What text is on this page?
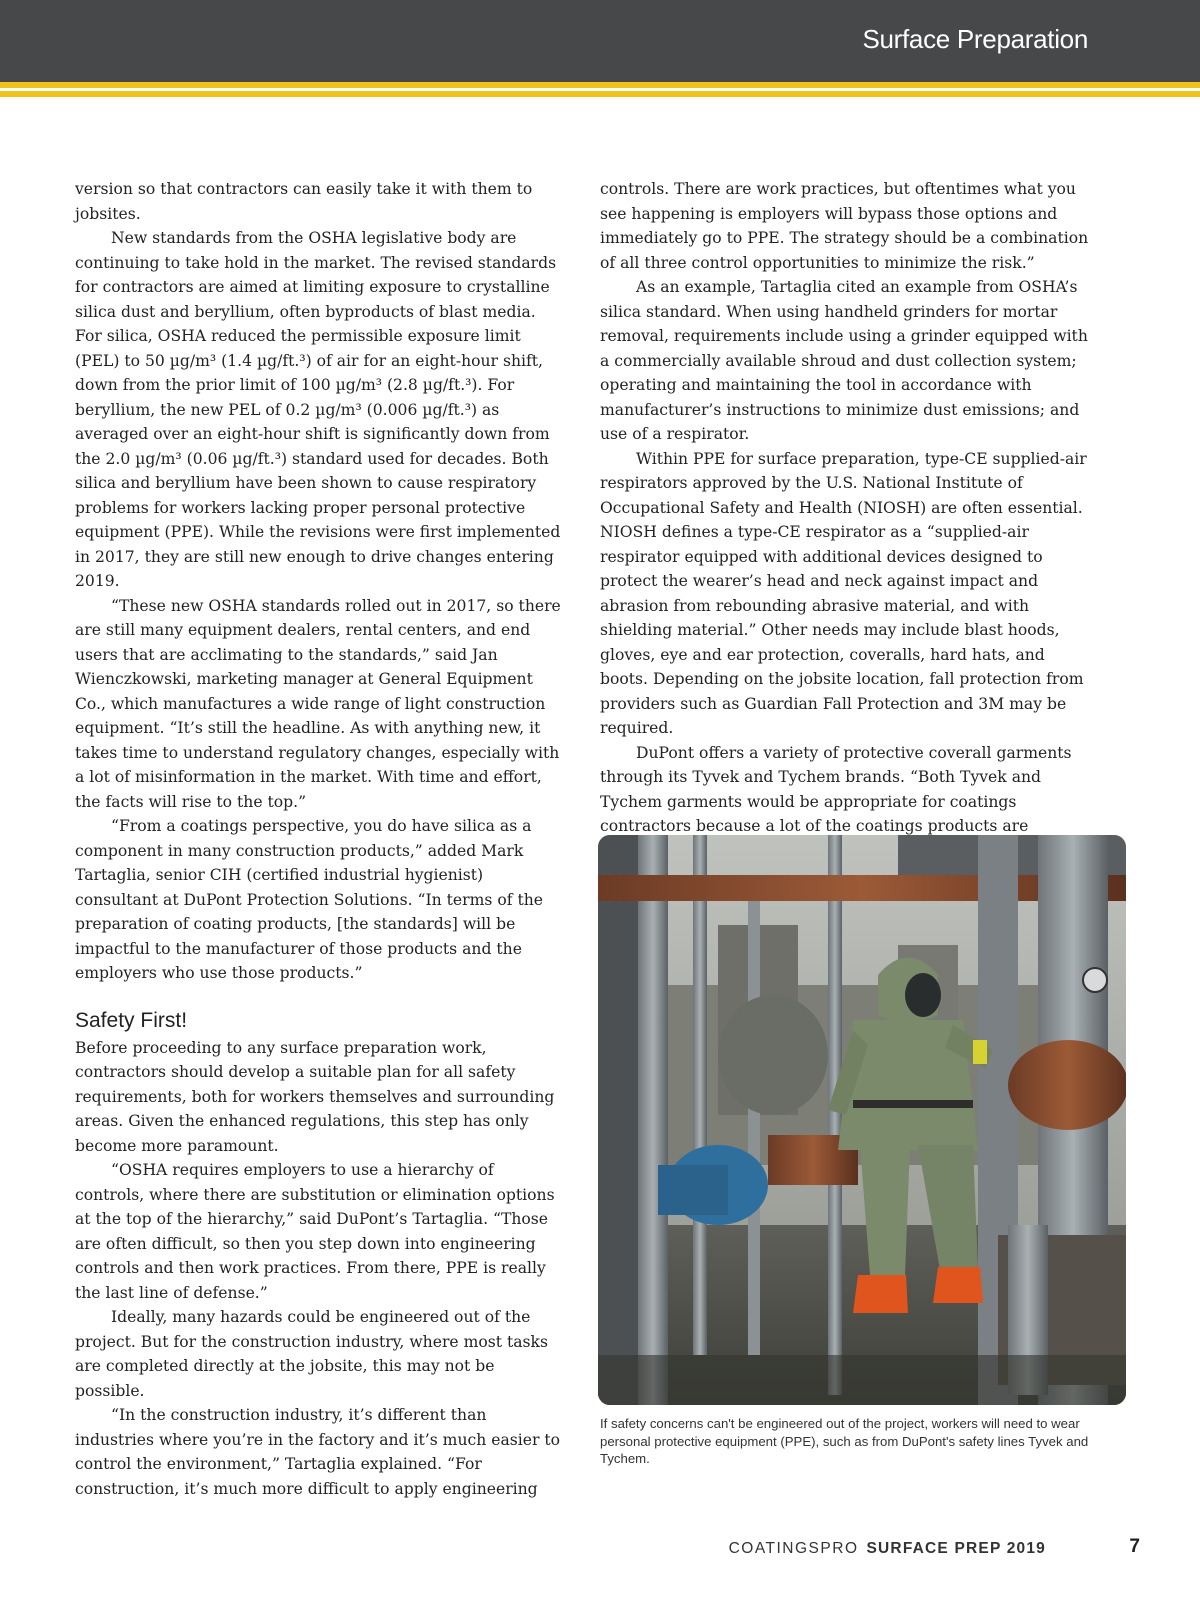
Surface Preparation

version so that contractors can easily take it with them to jobsites.

New standards from the OSHA legislative body are continuing to take hold in the market. The revised standards for contractors are aimed at limiting exposure to crystalline silica dust and beryllium, often byproducts of blast media. For silica, OSHA reduced the permissible exposure limit (PEL) to 50 µg/m³ (1.4 µg/ft.³) of air for an eight-hour shift, down from the prior limit of 100 µg/m³ (2.8 µg/ft.³). For beryllium, the new PEL of 0.2 µg/m³ (0.006 µg/ft.³) as averaged over an eight-hour shift is significantly down from the 2.0 µg/m³ (0.06 µg/ft.³) standard used for decades. Both silica and beryllium have been shown to cause respiratory problems for workers lacking proper personal protective equipment (PPE). While the revisions were first implemented in 2017, they are still new enough to drive changes entering 2019.

“These new OSHA standards rolled out in 2017, so there are still many equipment dealers, rental centers, and end users that are acclimating to the standards,” said Jan Wienczkowski, marketing manager at General Equipment Co., which manufactures a wide range of light construction equipment. “It’s still the headline. As with anything new, it takes time to understand regulatory changes, especially with a lot of misinformation in the market. With time and effort, the facts will rise to the top.”

“From a coatings perspective, you do have silica as a component in many construction products,” added Mark Tartaglia, senior CIH (certified industrial hygienist) consultant at DuPont Protection Solutions. “In terms of the preparation of coating products, [the standards] will be impactful to the manufacturer of those products and the employers who use those products.”

Safety First!

Before proceeding to any surface preparation work, contractors should develop a suitable plan for all safety requirements, both for workers themselves and surrounding areas. Given the enhanced regulations, this step has only become more paramount.

“OSHA requires employers to use a hierarchy of controls, where there are substitution or elimination options at the top of the hierarchy,” said DuPont’s Tartaglia. “Those are often difficult, so then you step down into engineering controls and then work practices. From there, PPE is really the last line of defense.”

Ideally, many hazards could be engineered out of the project. But for the construction industry, where most tasks are completed directly at the jobsite, this may not be possible.

“In the construction industry, it’s different than industries where you’re in the factory and it’s much easier to control the environment,” Tartaglia explained. “For construction, it’s much more difficult to apply engineering

controls. There are work practices, but oftentimes what you see happening is employers will bypass those options and immediately go to PPE. The strategy should be a combination of all three control opportunities to minimize the risk.”

As an example, Tartaglia cited an example from OSHA’s silica standard. When using handheld grinders for mortar removal, requirements include using a grinder equipped with a commercially available shroud and dust collection system; operating and maintaining the tool in accordance with manufacturer’s instructions to minimize dust emissions; and use of a respirator.

Within PPE for surface preparation, type-CE supplied-air respirators approved by the U.S. National Institute of Occupational Safety and Health (NIOSH) are often essential. NIOSH defines a type-CE respirator as a “supplied-air respirator equipped with additional devices designed to protect the wearer’s head and neck against impact and abrasion from rebounding abrasive material, and with shielding material.” Other needs may include blast hoods, gloves, eye and ear protection, coveralls, hard hats, and boots. Depending on the jobsite location, fall protection from providers such as Guardian Fall Protection and 3M may be required.

DuPont offers a variety of protective coverall garments through its Tyvek and Tychem brands. “Both Tyvek and Tychem garments would be appropriate for coatings contractors because a lot of the coatings products are

If safety concerns can't be engineered out of the project, workers will need to wear personal protective equipment (PPE), such as from DuPont's safety lines Tyvek and Tychem.
COATINGSPRO SURFACE PREP 2019	7
